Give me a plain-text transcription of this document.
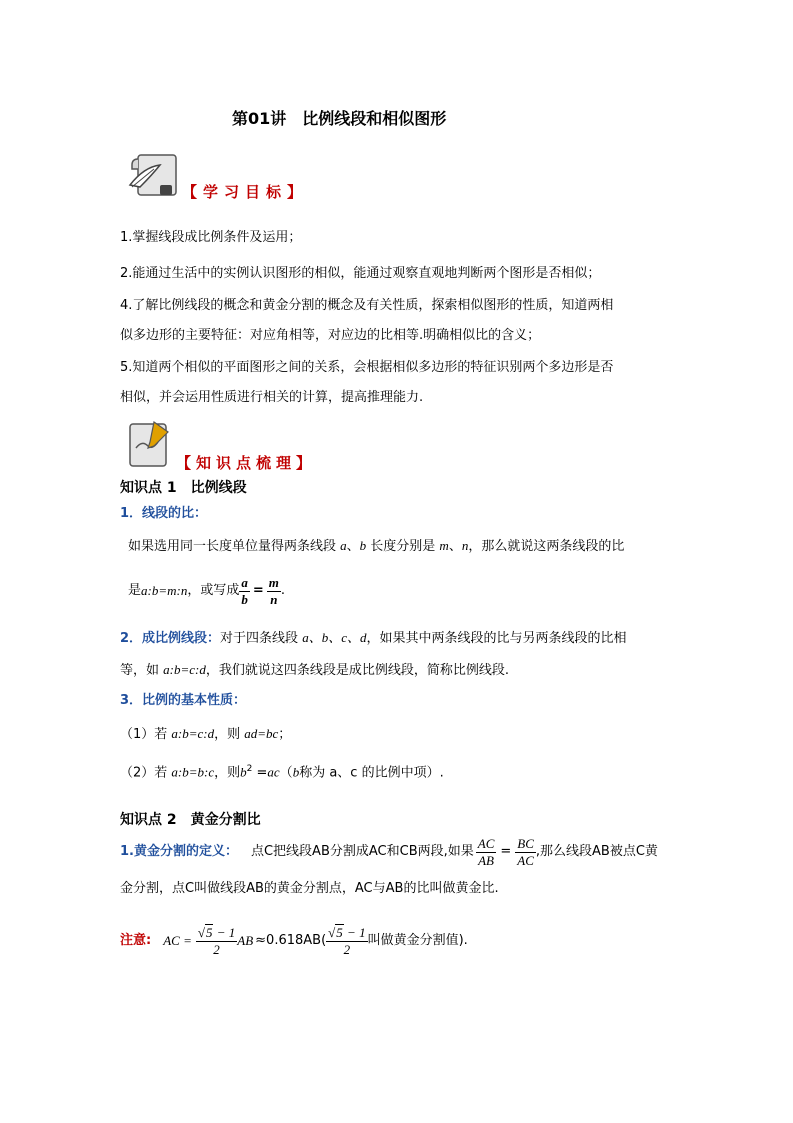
第01讲　比例线段和相似图形
【学习目标】
1.掌握线段成比例条件及运用；
2.能通过生活中的实例认识图形的相似，能通过观察直观地判断两个图形是否相似；
4.了解比例线段的概念和黄金分割的概念及有关性质，探索相似图形的性质，知道两相
似多边形的主要特征：对应角相等，对应边的比相等.明确相似比的含义；
5.知道两个相似的平面图形之间的关系，会根据相似多边形的特征识别两个多边形是否
相似，并会运用性质进行相关的计算，提高推理能力.
【知识点梳理】
知识点 1　比例线段
1．线段的比：
如果选用同一长度单位量得两条线段 a、b 长度分别是 m、n，那么就说这两条线段的比
是 a:b=m:n ，或写成 $\frac{a}{b} = \frac{m}{n}$ .
2．成比例线段：对于四条线段 a、b、c、d，如果其中两条线段的比与另两条线段的比相
等，如 a:b=c:d，我们就说这四条线段是成比例线段，简称比例线段.
3．比例的基本性质：
（1）若 a:b=c:d，则 ad=bc；
（2）若 a:b=b:c，则$b^2 =ac(b$称为 a、c 的比例中项）.
知识点 2　黄金分割比
1.黄金分割的定义： 　点C把线段AB分割成AC和CB两段,如果 $\frac{AC}{AB} = \frac{BC}{AC}$ ,那么线段AB被点C黄
金分割，点C叫做线段AB的黄金分割点，AC与AB的比叫做黄金比.
注意: AC = $\frac{√5 - 1}{2}$ AB $\approx 0.618AB( \frac{√5 - 1}{2}$ 叫做黄金分割值).
